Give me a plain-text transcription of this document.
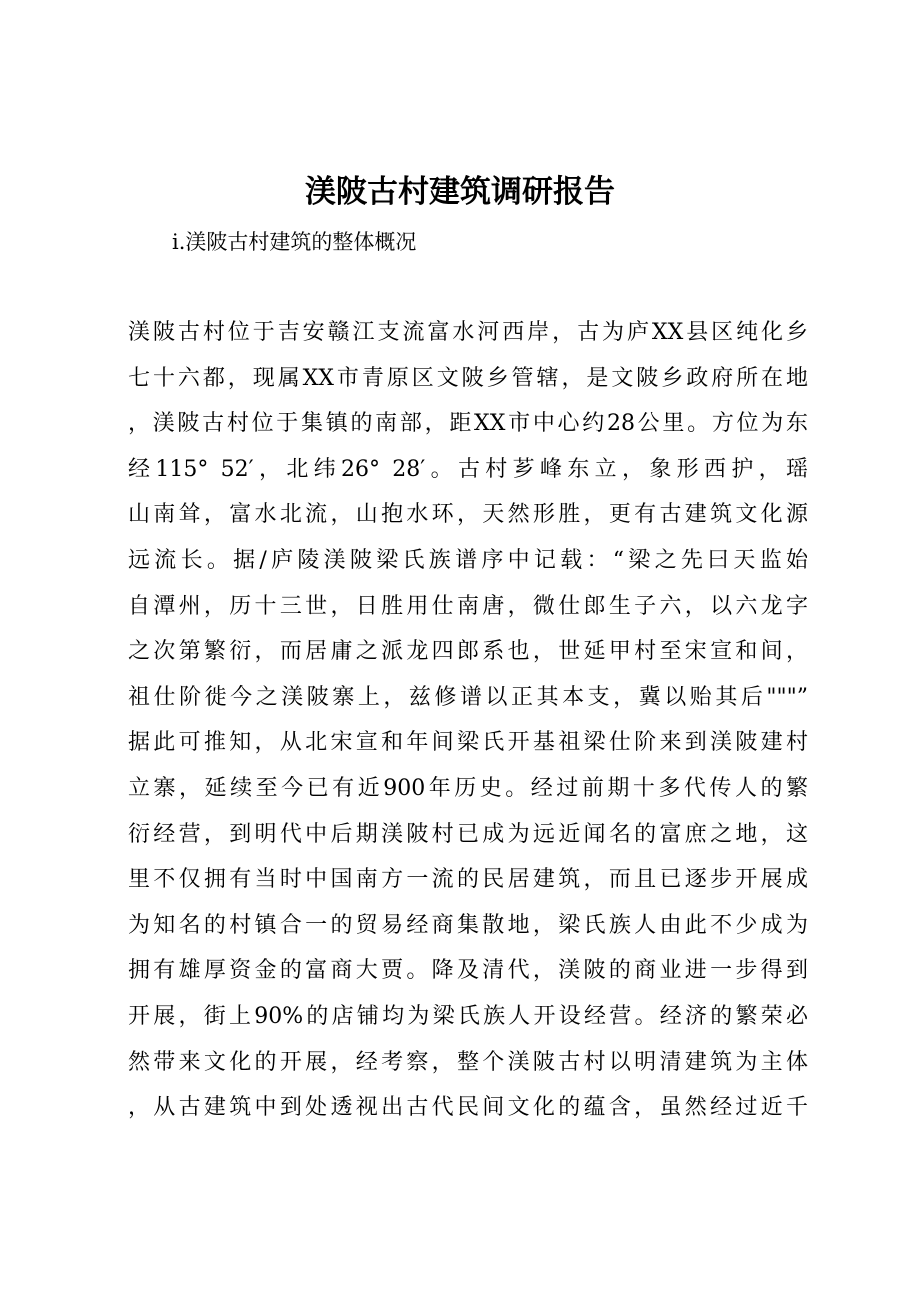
渼陂古村建筑调研报告
i.渼陂古村建筑的整体概况
渼陂古村位于吉安赣江支流富水河西岸，古为庐XX县区纯化乡
七十六都，现属XX市青原区文陂乡管辖，是文陂乡政府所在地
，渼陂古村位于集镇的南部，距XX市中心约28公里。方位为东
经115° 52′，北纬26° 28′。古村芗峰东立，象形西护，瑶
山南耸，富水北流，山抱水环，天然形胜，更有古建筑文化源
远流长。据/庐陵渼陂梁氏族谱序中记载：“梁之先曰天监始
自潭州，历十三世，日胜用仕南唐，微仕郎生子六，以六龙字
之次第繁衍，而居庸之派龙四郎系也，世延甲村至宋宣和间，
祖仕阶徙今之渼陂寨上，兹修谱以正其本支，冀以贻其后"""”
据此可推知，从北宋宣和年间梁氏开基祖梁仕阶来到渼陂建村
立寨，延续至今已有近900年历史。经过前期十多代传人的繁
衍经营，到明代中后期渼陂村已成为远近闻名的富庶之地，这
里不仅拥有当时中国南方一流的民居建筑，而且已逐步开展成
为知名的村镇合一的贸易经商集散地，梁氏族人由此不少成为
拥有雄厚资金的富商大贾。降及清代，渼陂的商业进一步得到
开展，街上90%的店铺均为梁氏族人开设经营。经济的繁荣必
然带来文化的开展，经考察，整个渼陂古村以明清建筑为主体
，从古建筑中到处透视出古代民间文化的蕴含，虽然经过近千
